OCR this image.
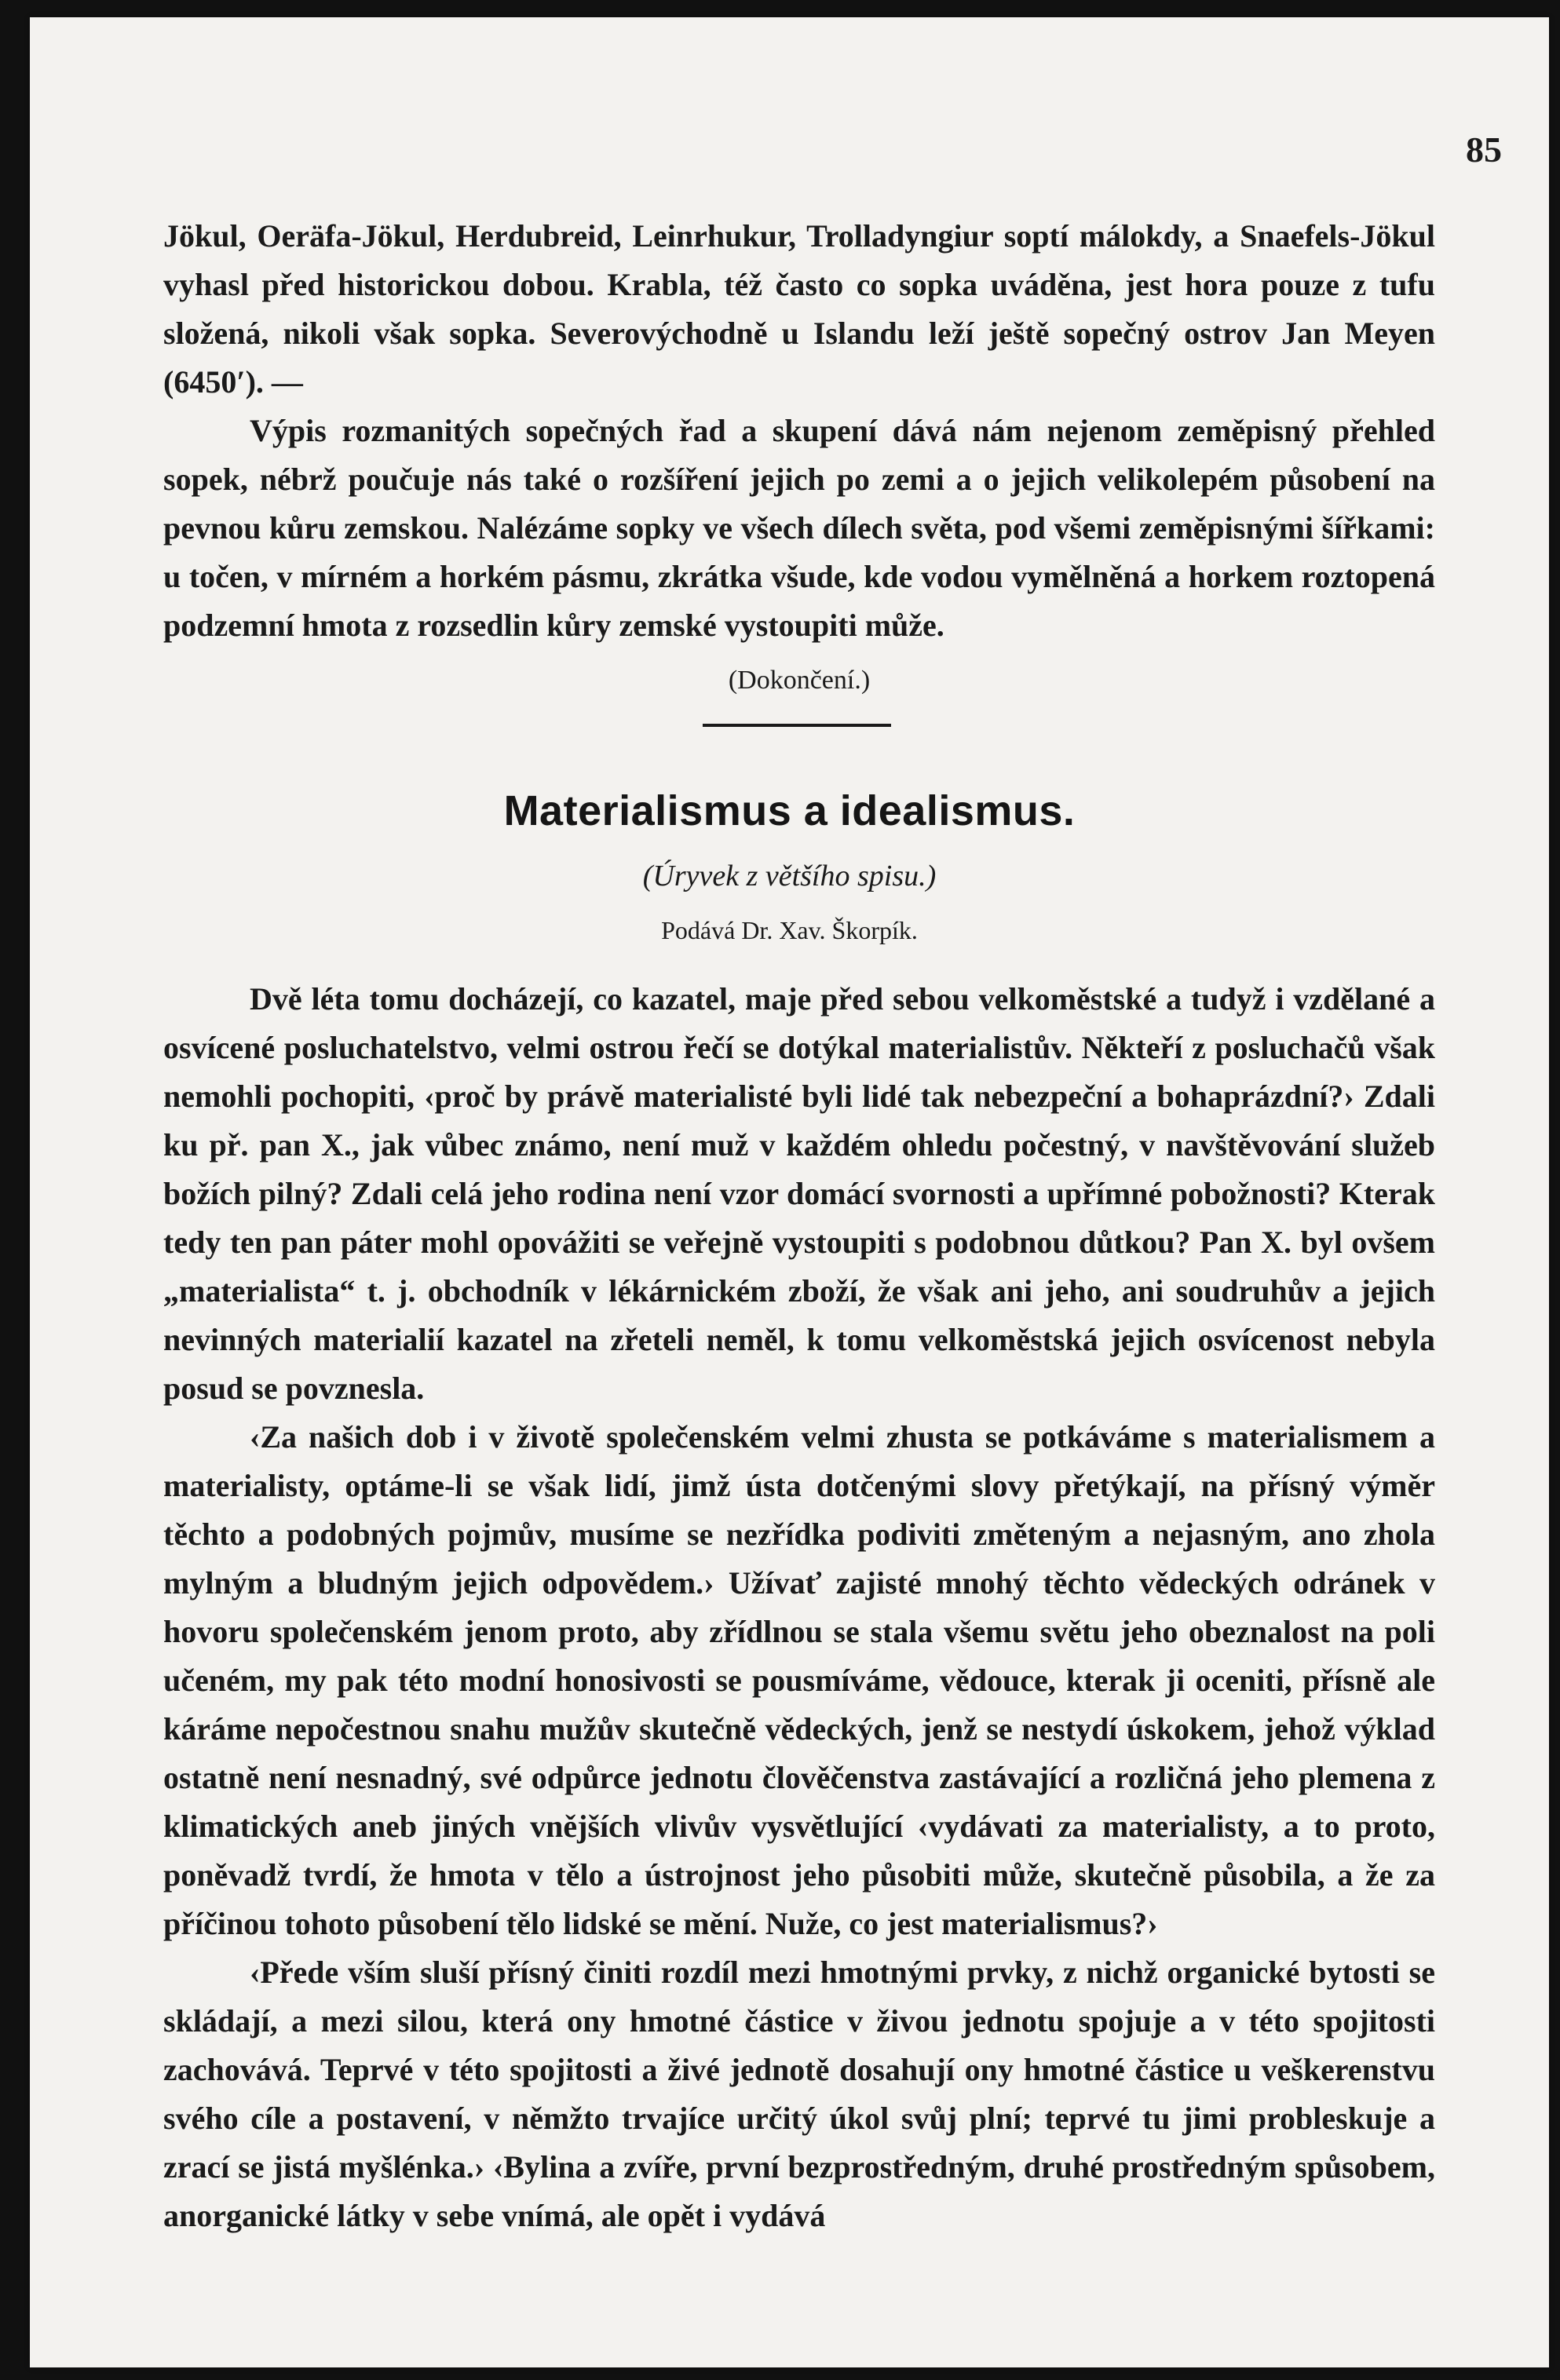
85

Jökul, Oeräfa-Jökul, Herdubreid, Leinrhukur, Trolladyngiur soptí málokdy, a Snaefels-Jökul vyhasl před historickou dobou. Krabla, též často co sopka uváděna, jest hora pouze z tufu složená, nikoli však sopka. Severovýchodně u Islandu leží ještě sopečný ostrov Jan Meyen (6450′). —

Výpis rozmanitých sopečných řad a skupení dává nám nejenom zeměpisný přehled sopek, nébrž poučuje nás také o rozšíření jejich po zemi a o jejich velikolepém působení na pevnou kůru zemskou. Nalézáme sopky ve všech dílech světa, pod všemi zeměpisnými šířkami: u točen, v mírném a horkém pásmu, zkrátka všude, kde vodou vymělněná a horkem roztopená podzemní hmota z rozsedlin kůry zemské vystoupiti může.

(Dokončení.)
Materialismus a idealismus.
(Úryvek z většího spisu.)
Podává Dr. Xav. Škorpík.

Dvě léta tomu docházejí, co kazatel, maje před sebou velkoměstské a tudyž i vzdělané a osvícené posluchatelstvo, velmi ostrou řečí se dotýkal materialistův. Někteří z posluchačů však nemohli pochopiti, ‹proč by právě materialisté byli lidé tak nebezpeční a bohaprázdní?› Zdali ku př. pan X., jak vůbec známo, není muž v každém ohledu počestný, v navštěvování služeb božích pilný? Zdali celá jeho rodina není vzor domácí svornosti a upřímné pobožnosti? Kterak tedy ten pan páter mohl opovážiti se veřejně vystoupiti s podobnou důtkou? Pan X. byl ovšem „materialista“ t. j. obchodník v lékárnickém zboží, že však ani jeho, ani soudruhův a jejich nevinných materialií kazatel na zřeteli neměl, k tomu velkoměstská jejich osvícenost nebyla posud se povznesla.

‹Za našich dob i v životě společenském velmi zhusta se potkáváme s materialismem a materialisty, optáme-li se však lidí, jimž ústa dotčenými slovy přetýkají, na přísný výměr těchto a podobných pojmův, musíme se nezřídka podiviti změteným a nejasným, ano zhola mylným a bludným jejich odpovědem.› Užívať zajisté mnohý těchto vědeckých odránek v hovoru společenském jenom proto, aby zřídlnou se stala všemu světu jeho obeznalost na poli učeném, my pak této modní honosivosti se pousmíváme, vědouce, kterak ji oceniti, přísně ale káráme nepočestnou snahu mužův skutečně vědeckých, jenž se nestydí úskokem, jehož výklad ostatně není nesnadný, své odpůrce jednotu člověčenstva zastávající a rozličná jeho plemena z klimatických aneb jiných vnějších vlivův vysvětlující ‹vydávati za materialisty, a to proto, poněvadž tvrdí, že hmota v tělo a ústrojnost jeho působiti může, skutečně působila, a že za příčinou tohoto působení tělo lidské se mění. Nuže, co jest materialismus?›

‹Přede vším sluší přísný činiti rozdíl mezi hmotnými prvky, z nichž organické bytosti se skládají, a mezi silou, která ony hmotné částice v živou jednotu spojuje a v této spojitosti zachovává. Teprvé v této spojitosti a živé jednotě dosahují ony hmotné částice u veškerenstvu svého cíle a postavení, v němžto trvajíce určitý úkol svůj plní; teprvé tu jimi probleskuje a zrací se jistá myšlénka.› ‹Bylina a zvíře, první bezprostředným, druhé prostředným spůsobem, anorganické látky v sebe vnímá, ale opět i vydává
